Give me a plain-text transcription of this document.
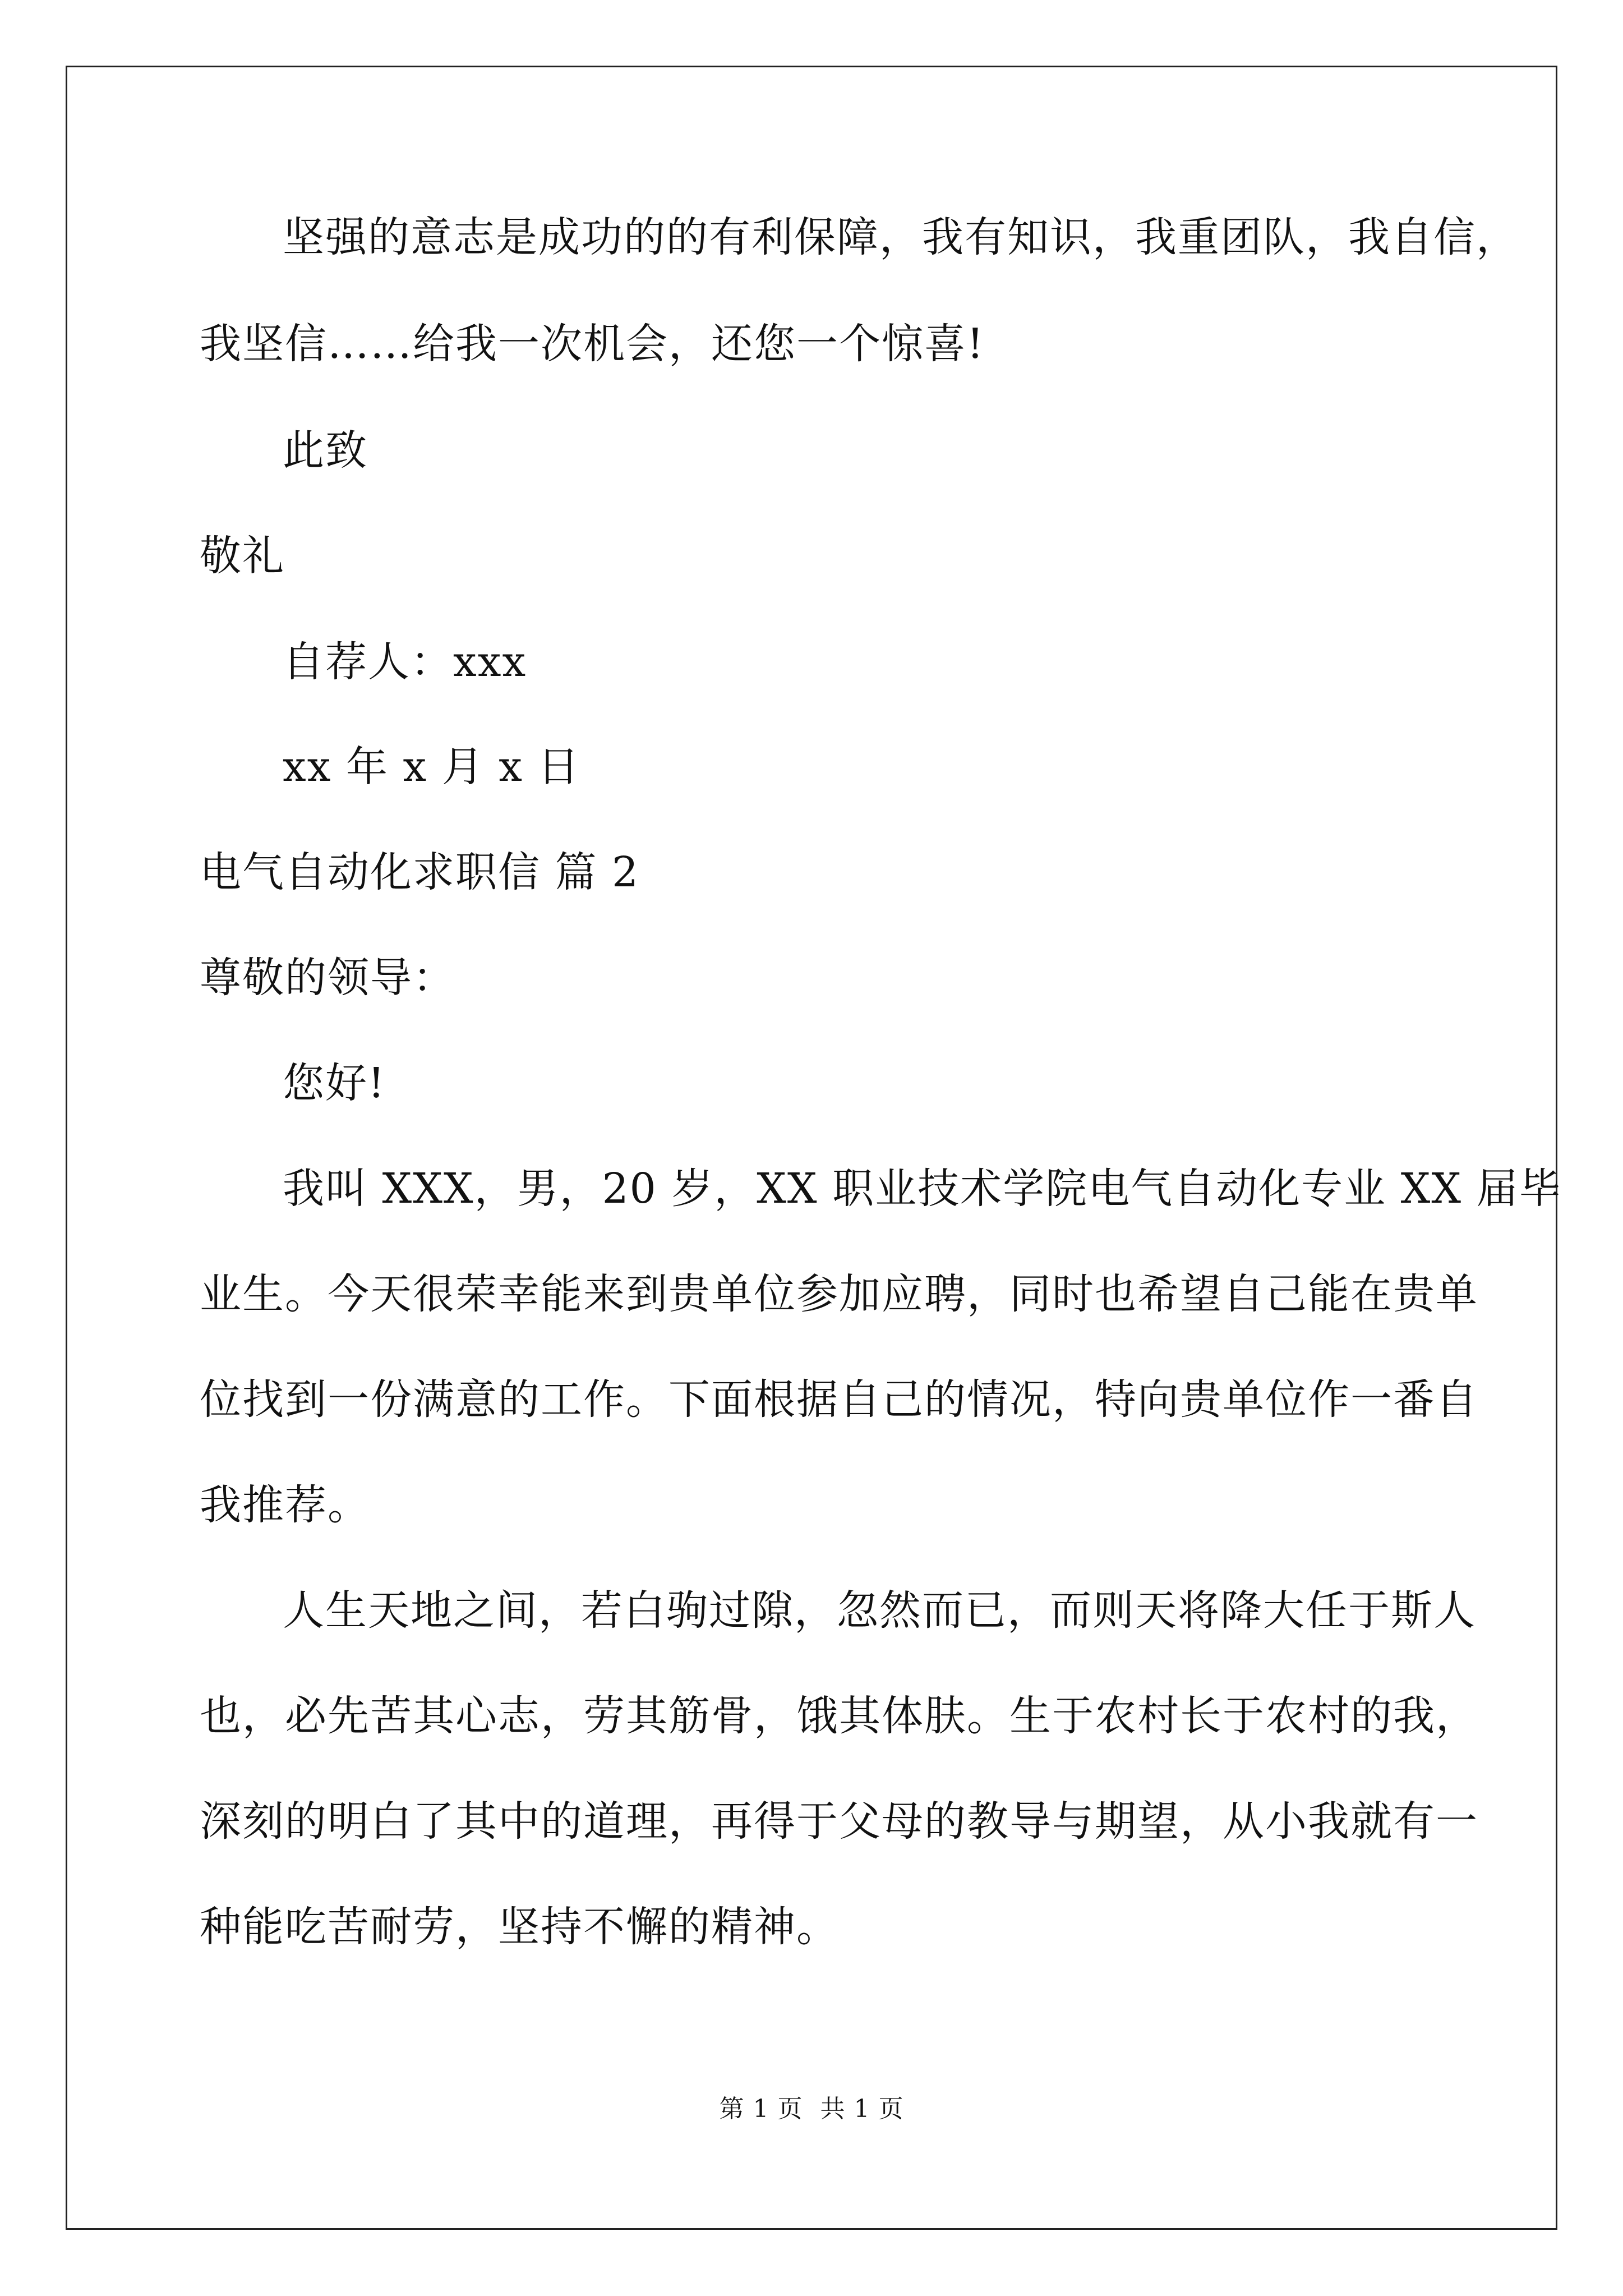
坚强的意志是成功的的有利保障，我有知识，我重团队，我自信，
我坚信……给我一次机会，还您一个惊喜!
此致
敬礼
自荐人：xxx
xx 年 x 月 x 日
电气自动化求职信 篇 2
尊敬的领导：
您好!
我叫 XXX，男，20 岁，XX 职业技术学院电气自动化专业 XX 届毕
业生。今天很荣幸能来到贵单位参加应聘，同时也希望自己能在贵单
位找到一份满意的工作。下面根据自己的情况，特向贵单位作一番自
我推荐。
人生天地之间，若白驹过隙，忽然而已，而则天将降大任于斯人
也，必先苦其心志，劳其筋骨，饿其体肤。生于农村长于农村的我，
深刻的明白了其中的道理，再得于父母的教导与期望，从小我就有一
种能吃苦耐劳，坚持不懈的精神。
第 1 页 共 1 页
